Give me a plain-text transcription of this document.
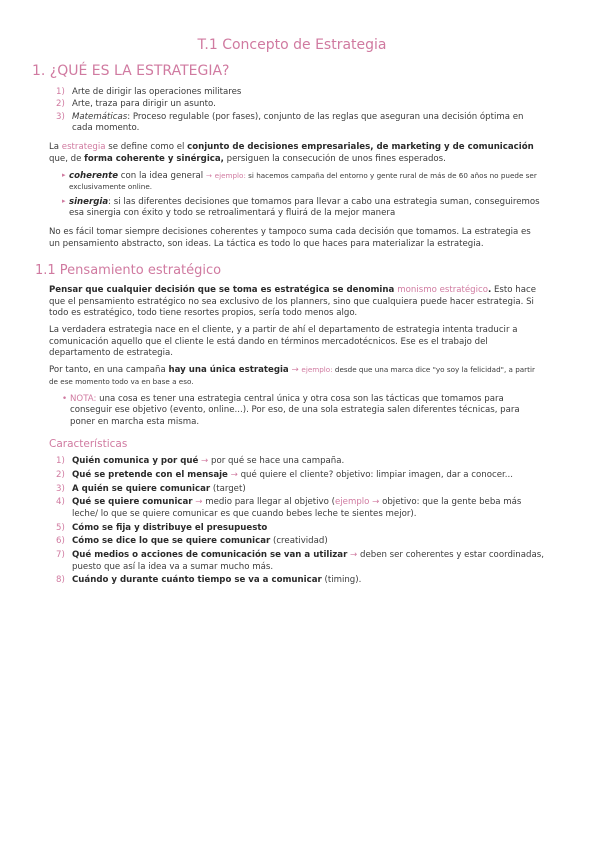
T.1 Concepto de Estrategia
1. ¿QUÉ ES LA ESTRATEGIA?
1) Arte de dirigir las operaciones militares
2) Arte, traza para dirigir un asunto.
3) Matemáticas: Proceso regulable (por fases), conjunto de las reglas que aseguran una decisión óptima en cada momento.

La estrategia se define como el conjunto de decisiones empresariales, de marketing y de comunicación que, de forma coherente y sinérgica, persiguen la consecución de unos fines esperados.

▸ coherente con la idea general → ejemplo: si hacemos campaña del entorno y gente rural de más de 60 años no puede ser exclusivamente online.
▸ sinergia: si las diferentes decisiones que tomamos para llevar a cabo una estrategia suman, conseguiremos esa sinergia con éxito y todo se retroalimentará y fluirá de la mejor manera

No es fácil tomar siempre decisiones coherentes y tampoco suma cada decisión que tomamos. La estrategia es un pensamiento abstracto, son ideas. La táctica es todo lo que haces para materializar la estrategia.

1.1 Pensamiento estratégico

Pensar que cualquier decisión que se toma es estratégica se denomina monismo estratégico. Esto hace que el pensamiento estratégico no sea exclusivo de los planners, sino que cualquiera puede hacer estrategia. Si todo es estratégico, todo tiene resortes propios, sería todo menos algo.

La verdadera estrategia nace en el cliente, y a partir de ahí el departamento de estrategia intenta traducir a comunicación aquello que el cliente le está dando en términos mercadotécnicos. Ese es el trabajo del departamento de estrategia.

Por tanto, en una campaña hay una única estrategia → ejemplo: desde que una marca dice "yo soy la felicidad", a partir de ese momento todo va en base a eso.

• NOTA: una cosa es tener una estrategia central única y otra cosa son las tácticas que tomamos para conseguir ese objetivo (evento, online...). Por eso, de una sola estrategia salen diferentes técnicas, para poner en marcha esta misma.
Características
1) Quién comunica y por qué → por qué se hace una campaña.
2) Qué se pretende con el mensaje → qué quiere el cliente? objetivo: limpiar imagen, dar a conocer...
3) A quién se quiere comunicar (target)
4) Qué se quiere comunicar → medio para llegar al objetivo (ejemplo → objetivo: que la gente beba más leche/ lo que se quiere comunicar es que cuando bebes leche te sientes mejor).
5) Cómo se fija y distribuye el presupuesto
6) Cómo se dice lo que se quiere comunicar (creatividad)
7) Qué medios o acciones de comunicación se van a utilizar → deben ser coherentes y estar coordinadas, puesto que así la idea va a sumar mucho más.
8) Cuándo y durante cuánto tiempo se va a comunicar (timing).
